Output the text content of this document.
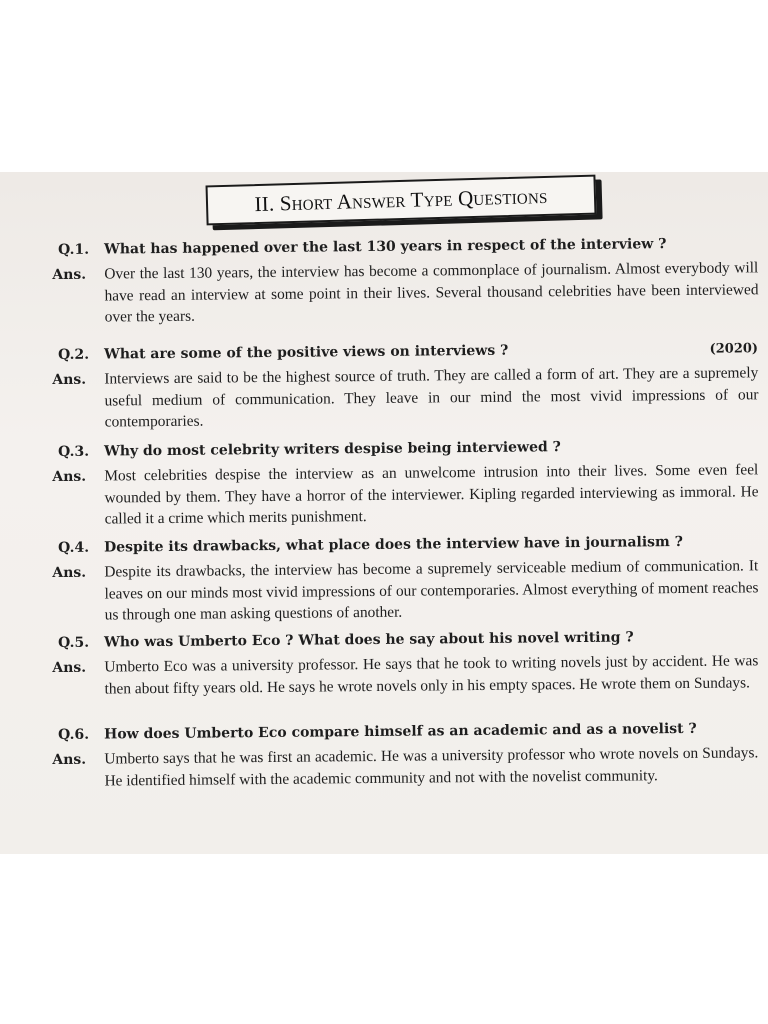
II. Short Answer Type Questions
Q.1.	What has happened over the last 130 years in respect of the interview ?
Ans.	Over the last 130 years, the interview has become a commonplace of journalism. Almost everybody will have read an interview at some point in their lives. Several thousand celebrities have been interviewed over the years.
Q.2.	What are some of the positive views on interviews ?	(2020)
Ans.	Interviews are said to be the highest source of truth. They are called a form of art. They are a supremely useful medium of communication. They leave in our mind the most vivid impressions of our contemporaries.
Q.3.	Why do most celebrity writers despise being interviewed ?
Ans.	Most celebrities despise the interview as an unwelcome intrusion into their lives. Some even feel wounded by them. They have a horror of the interviewer. Kipling regarded interviewing as immoral. He called it a crime which merits punishment.
Q.4.	Despite its drawbacks, what place does the interview have in journalism ?
Ans.	Despite its drawbacks, the interview has become a supremely serviceable medium of communication. It leaves on our minds most vivid impressions of our contemporaries. Almost everything of moment reaches us through one man asking questions of another.
Q.5.	Who was Umberto Eco ? What does he say about his novel writing ?
Ans.	Umberto Eco was a university professor. He says that he took to writing novels just by accident. He was then about fifty years old. He says he wrote novels only in his empty spaces. He wrote them on Sundays.
Q.6.	How does Umberto Eco compare himself as an academic and as a novelist ?
Ans.	Umberto says that he was first an academic. He was a university professor who wrote novels on Sundays. He identified himself with the academic community and not with the novelist community.
